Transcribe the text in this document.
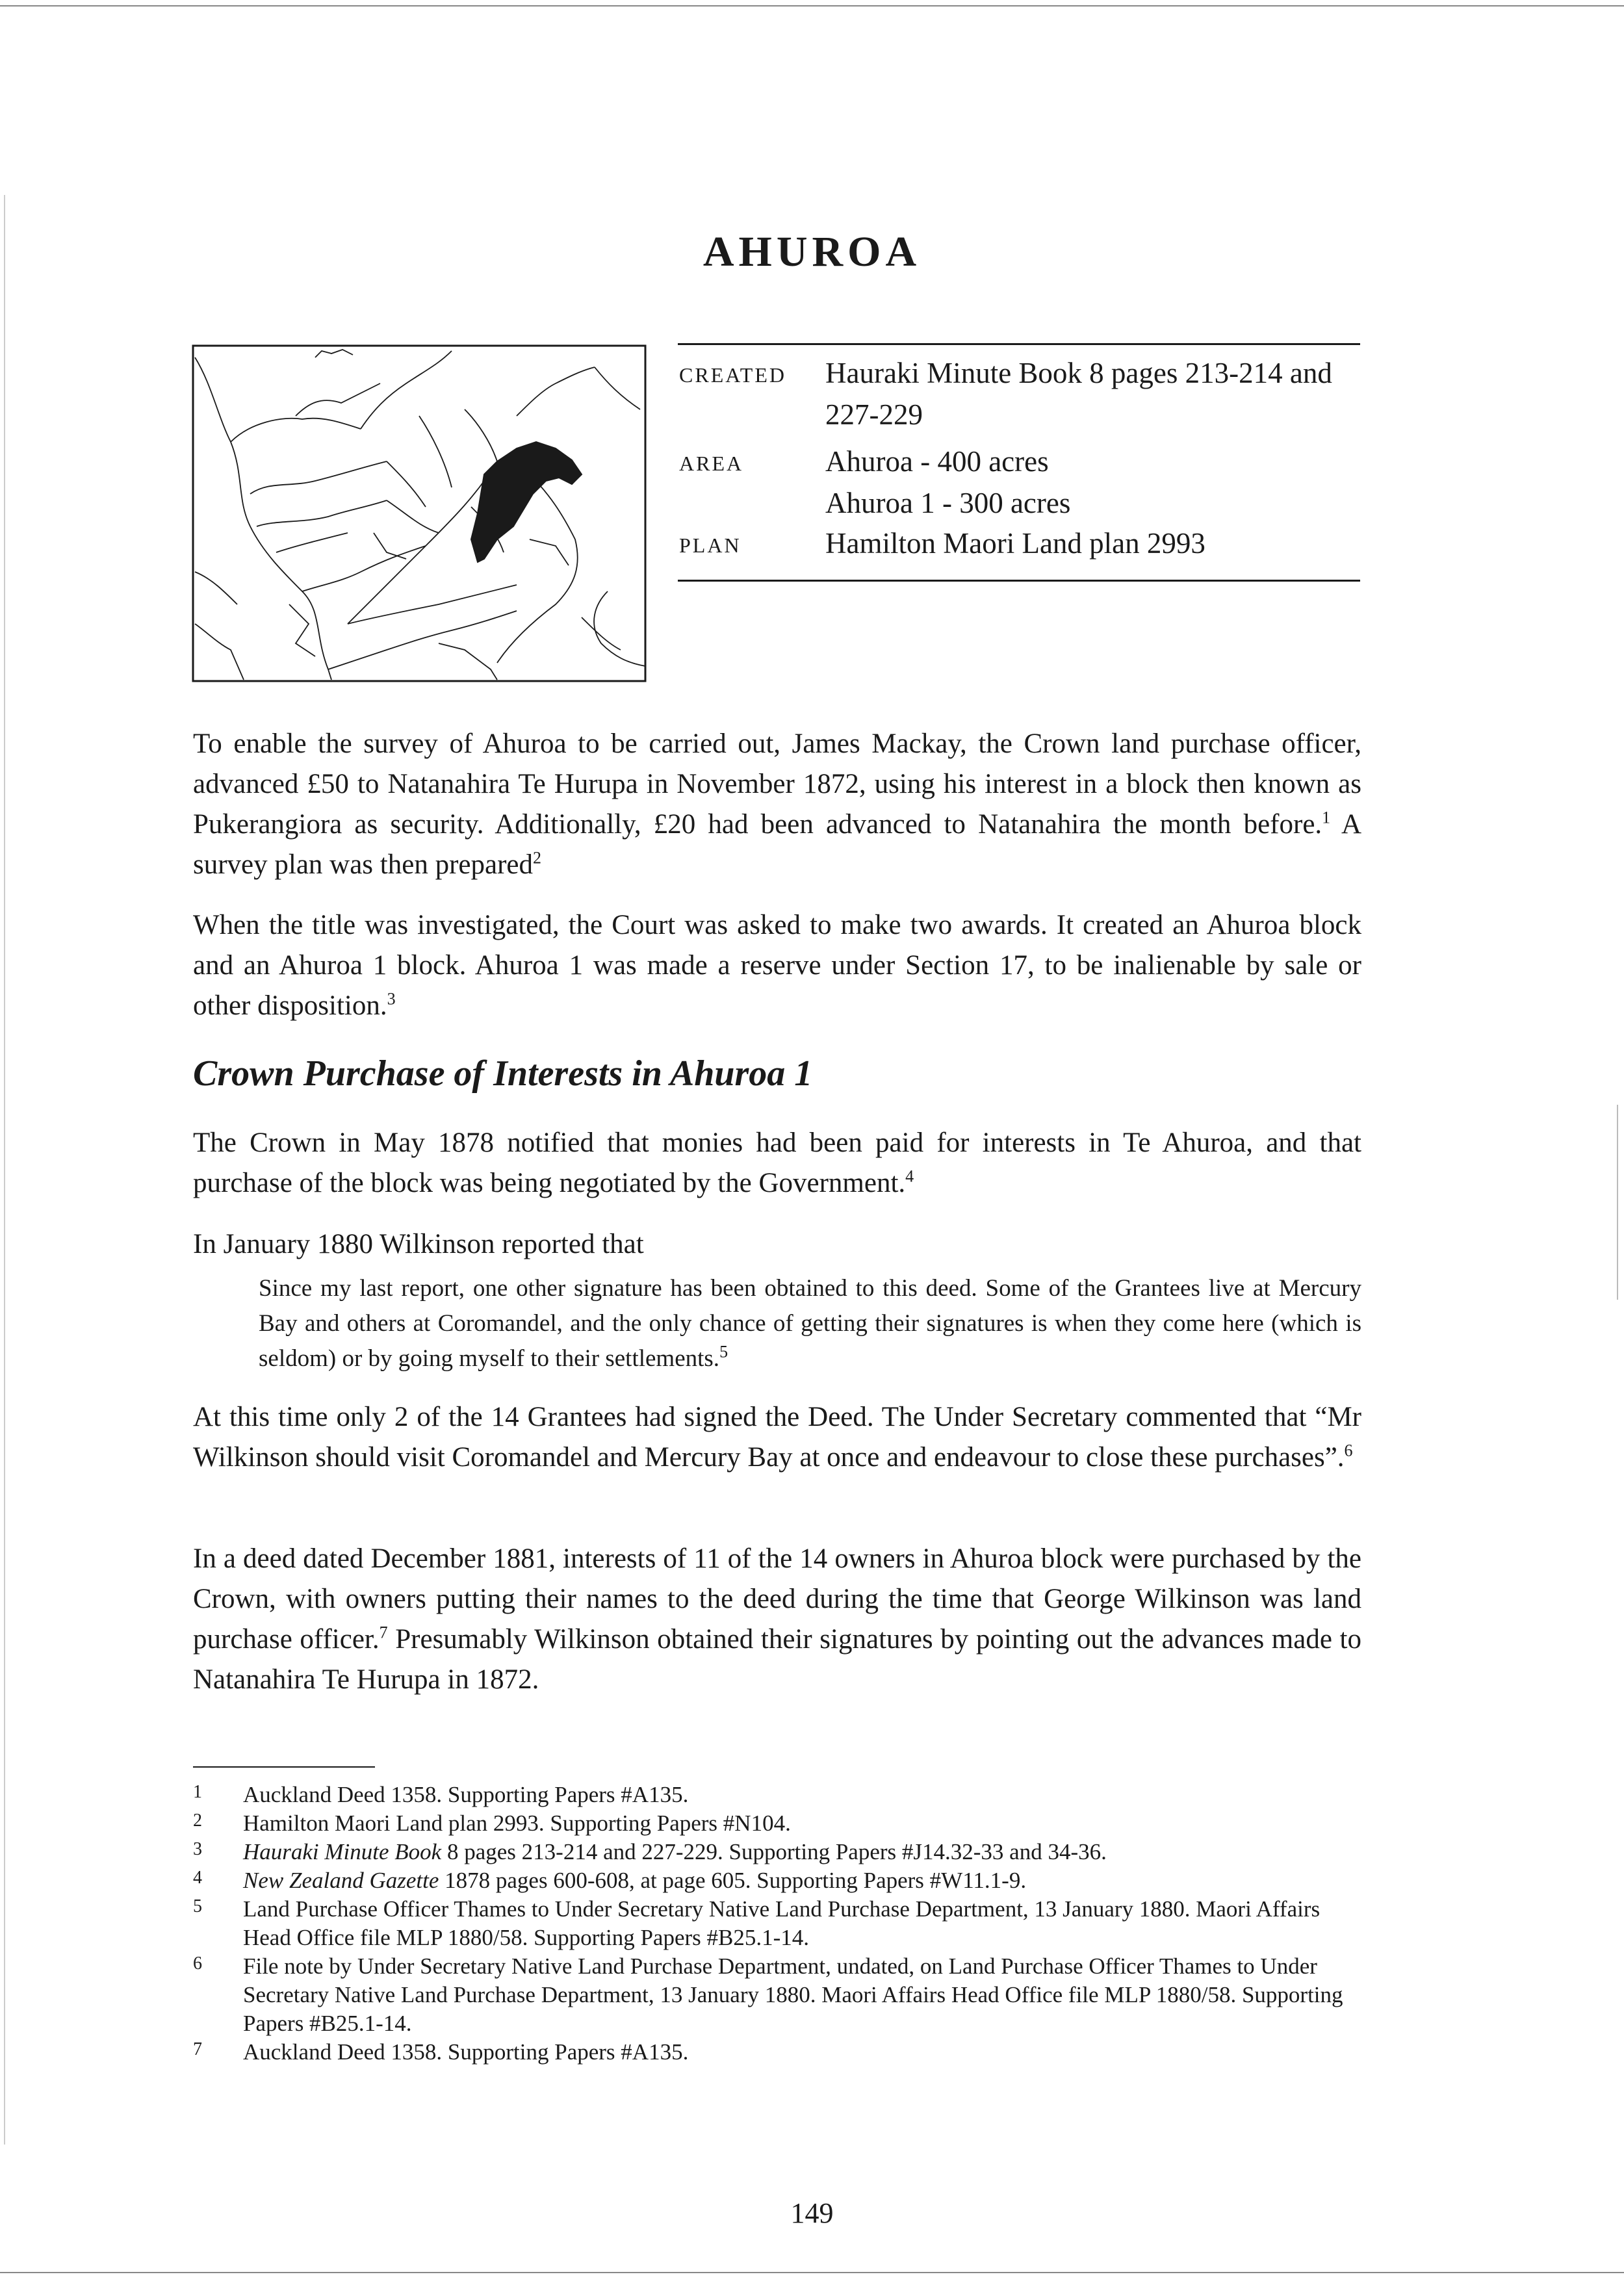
AHUROA
CREATED Hauraki Minute Book 8 pages 213-214 and
227-229
AREA	Ahuroa - 400 acres
Ahuroa 1 - 300 acres
PLAN	Hamilton Maori Land plan 2993

To enable the survey of Ahuroa to be carried out, James Mackay, the Crown land purchase officer, advanced £50 to Natanahira Te Hurupa in November 1872, using his interest in a block then known as Pukerangiora as security. Additionally, £20 had been advanced to Natanahira the month before.$^1$ A survey plan was then prepared$^2$

When the title was investigated, the Court was asked to make two awards. It created an Ahuroa block and an Ahuroa 1 block. Ahuroa 1 was made a reserve under Section 17, to be inalienable by sale or other disposition.$^3$

Crown Purchase of Interests in Ahuroa 1

The Crown in May 1878 notified that monies had been paid for interests in Te Ahuroa, and that purchase of the block was being negotiated by the Government.$^4$

In January 1880 Wilkinson reported that

Since my last report, one other signature has been obtained to this deed. Some of the Grantees live at Mercury Bay and others at Coromandel, and the only chance of getting their signatures is when they come here (which is seldom) or by going myself to their settlements.$^5$

At this time only 2 of the 14 Grantees had signed the Deed. The Under Secretary commented that “Mr Wilkinson should visit Coromandel and Mercury Bay at once and endeavour to close these purchases”.$^6$

In a deed dated December 1881, interests of 11 of the 14 owners in Ahuroa block were purchased by the Crown, with owners putting their names to the deed during the time that George Wilkinson was land purchase officer.$^7$ Presumably Wilkinson obtained their signatures by pointing out the advances made to Natanahira Te Hurupa in 1872.

1 Auckland Deed 1358. Supporting Papers #A135.

2 Hamilton Maori Land plan 2993. Supporting Papers #N104.

3 Hauraki Minute Book 8 pages 213-214 and 227-229. Supporting Papers #J14.32-33 and 34-36.

4 New Zealand Gazette 1878 pages 600-608, at page 605. Supporting Papers #W11.1-9.

5 Land Purchase Officer Thames to Under Secretary Native Land Purchase Department, 13 January 1880. Maori Affairs Head Office file MLP 1880/58. Supporting Papers #B25.1-14.

6 File note by Under Secretary Native Land Purchase Department, undated, on Land Purchase Officer Thames to Under Secretary Native Land Purchase Department, 13 January 1880. Maori Affairs Head Office file MLP 1880/58. Supporting Papers #B25.1-14.

7 Auckland Deed 1358. Supporting Papers #A135.

149
